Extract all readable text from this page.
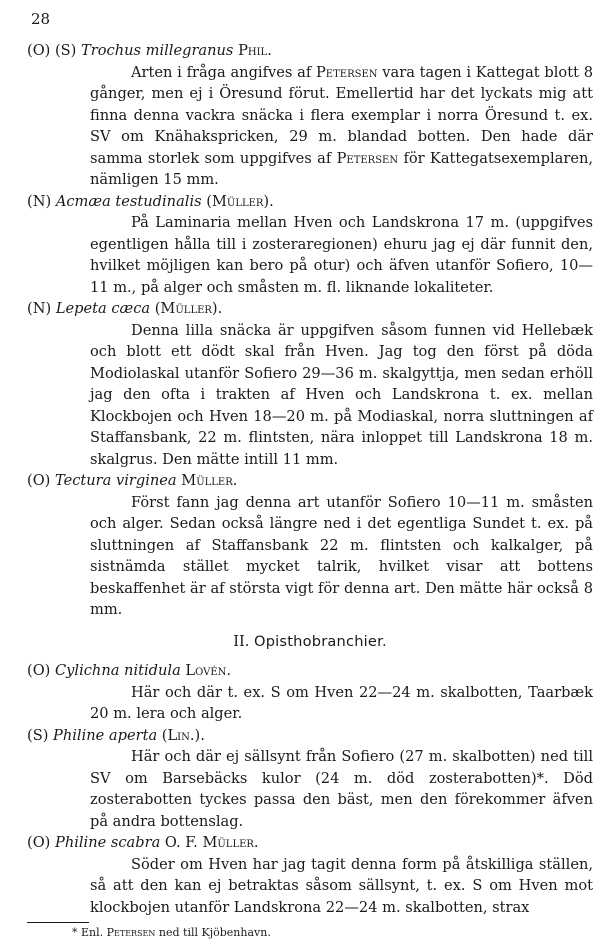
28
(O) (S) Trochus millegranus Phil.

Arten i fråga angifves af Petersen vara tagen i Kattegat blott 8 gånger, men ej i Öresund förut. Emellertid har det lyckats mig att finna denna vackra snäcka i flera exemplar i norra Öresund t. ex. SV om Knähakspricken, 29 m. blandad botten. Den hade där samma storlek som uppgifves af Petersen för Kattegatsexemplaren, nämligen 15 mm.

(N) Acmæa testudinalis (Müller).

På Laminaria mellan Hven och Landskrona 17 m. (uppgifves egentligen hålla till i zosteraregionen) ehuru jag ej där funnit den, hvilket möjligen kan bero på otur) och äfven utanför Sofiero, 10—11 m., på alger och småsten m. fl. liknande lokaliteter.

(N) Lepeta cæca (Müller).

Denna lilla snäcka är uppgifven såsom funnen vid Hellebæk och blott ett dödt skal från Hven. Jag tog den först på döda Modiolaskal utanför Sofiero 29—36 m. skalgyttja, men sedan erhöll jag den ofta i trakten af Hven och Landskrona t. ex. mellan Klockbojen och Hven 18—20 m. på Modiaskal, norra sluttningen af Staffansbank, 22 m. flintsten, nära inloppet till Landskrona 18 m. skalgrus. Den mätte intill 11 mm.

(O) Tectura virginea Müller.

Först fann jag denna art utanför Sofiero 10—11 m. småsten och alger. Sedan också längre ned i det egentliga Sundet t. ex. på sluttningen af Staffansbank 22 m. flintsten och kalkalger, på sistnämda stället mycket talrik, hvilket visar att bottens beskaffenhet är af största vigt för denna art. Den mätte här också 8 mm.

II. Opisthobranchier.
(O) Cylichna nitidula Lovén.

Här och där t. ex. S om Hven 22—24 m. skalbotten, Taarbæk 20 m. lera och alger.

(S) Philine aperta (Lin.).

Här och där ej sällsynt från Sofiero (27 m. skalbotten) ned till SV om Barsebäcks kulor (24 m. död zosterabotten)*. Död zosterabotten tyckes passa den bäst, men den förekommer äfven på andra bottenslag.

(O) Philine scabra O. F. Müller.

Söder om Hven har jag tagit denna form på åtskilliga ställen, så att den kan ej betraktas såsom sällsynt, t. ex. S om Hven mot klockbojen utanför Landskrona 22—24 m. skalbotten, strax

* Enl. Petersen ned till Kjöbenhavn.
